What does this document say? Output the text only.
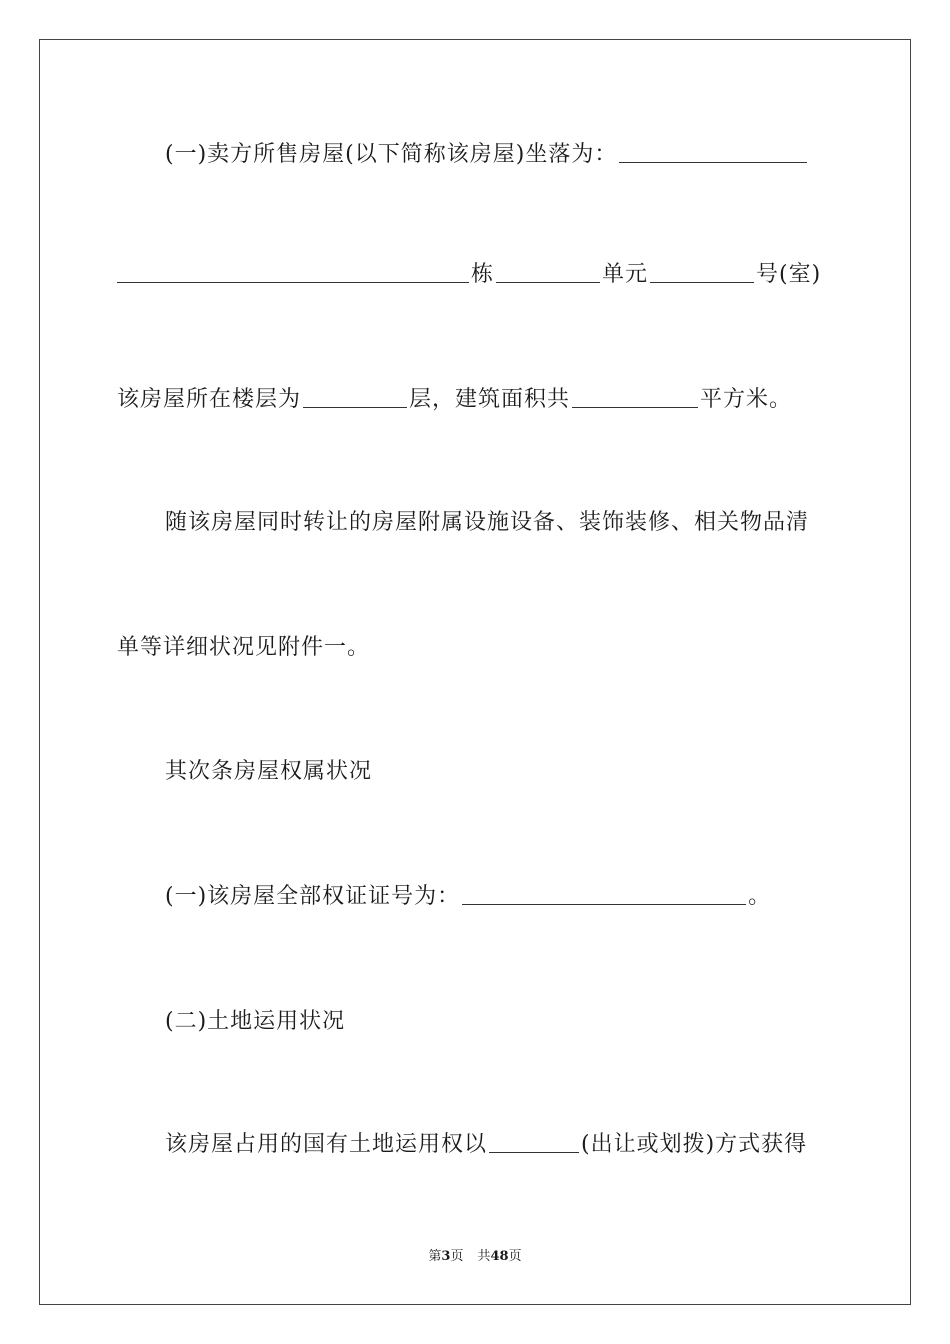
(一)卖方所售房屋(以下简称该房屋)坐落为：
栋	单元	号(室)
该房屋所在楼层为	层，建筑面积共	平方米。
随该房屋同时转让的房屋附属设施设备、装饰装修、相关物品清
单等详细状况见附件一。
其次条房屋权属状况
(一)该房屋全部权证证号为：	。
(二)土地运用状况
该房屋占用的国有土地运用权以	(出让或划拨)方式获得
第3页 共48页
